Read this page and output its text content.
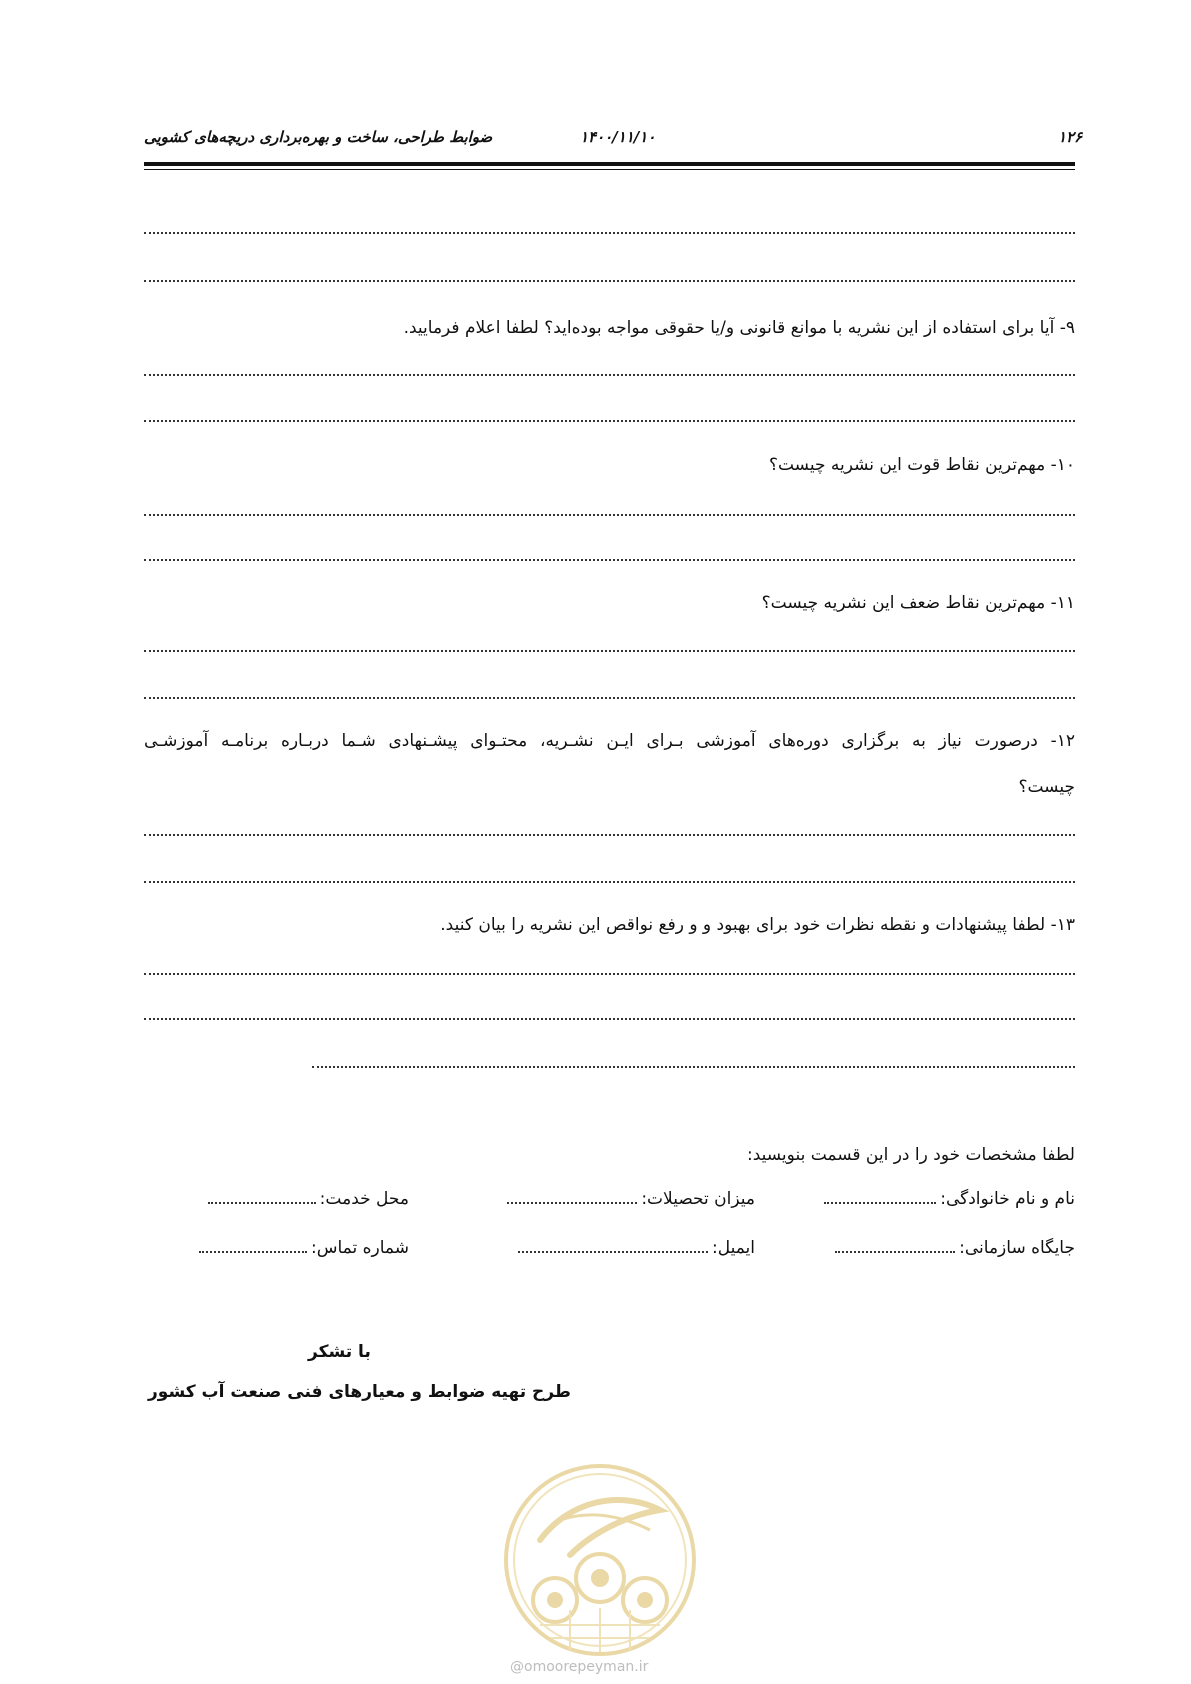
۱۲۶
۱۴۰۰/۱۱/۱۰
ضوابط طراحی، ساخت و بهره‌برداری دریچه‌های کشویی
۹- آیا برای استفاده از این نشریه با موانع قانونی و/یا حقوقی مواجه بوده‌اید؟ لطفا اعلام فرمایید.
۱۰- مهم‌ترین نقاط قوت این نشریه چیست؟
۱۱- مهم‌ترین نقاط ضعف این نشریه چیست؟
۱۲- درصورت نیاز به برگزاری دوره‌های آموزشی بـرای ایـن نشـریه، محتـوای پیشـنهادی شـما دربـاره برنامـه آموزشـی
چیست؟
۱۳- لطفا پیشنهادات و نقطه نظرات خود برای بهبود و و رفع نواقص این نشریه را بیان کنید.
لطفا مشخصات خود را در این قسمت بنویسید:
نام و نام خانوادگی:
میزان تحصیلات:
محل خدمت:
جایگاه سازمانی:
ایمیل:
شماره تماس:
با تشکر
طرح تهیه ضوابط و معیارهای فنی صنعت آب کشور
@omoorepeyman.ir
